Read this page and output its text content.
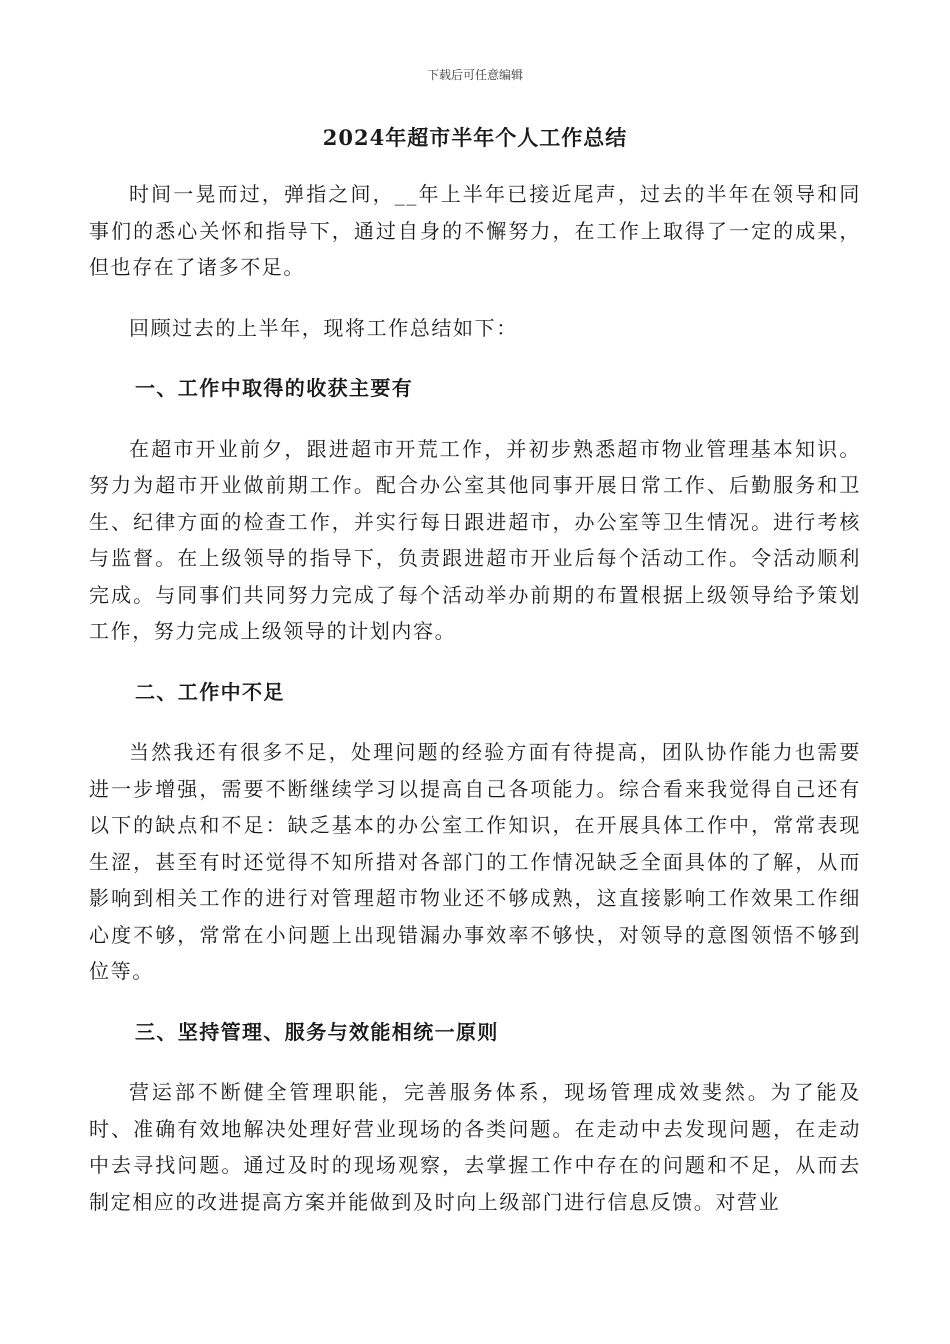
下载后可任意编辑
2024年超市半年个人工作总结

时间一晃而过，弹指之间，__年上半年已接近尾声，过去的半年在领导和同事们的悉心关怀和指导下，通过自身的不懈努力，在工作上取得了一定的成果，但也存在了诸多不足。

回顾过去的上半年，现将工作总结如下：

一、工作中取得的收获主要有

在超市开业前夕，跟进超市开荒工作，并初步熟悉超市物业管理基本知识。努力为超市开业做前期工作。配合办公室其他同事开展日常工作、后勤服务和卫生、纪律方面的检查工作，并实行每日跟进超市，办公室等卫生情况。进行考核与监督。在上级领导的指导下，负责跟进超市开业后每个活动工作。令活动顺利完成。与同事们共同努力完成了每个活动举办前期的布置根据上级领导给予策划工作，努力完成上级领导的计划内容。

二、工作中不足

当然我还有很多不足，处理问题的经验方面有待提高，团队协作能力也需要进一步增强，需要不断继续学习以提高自己各项能力。综合看来我觉得自己还有以下的缺点和不足：缺乏基本的办公室工作知识，在开展具体工作中，常常表现生涩，甚至有时还觉得不知所措对各部门的工作情况缺乏全面具体的了解，从而影响到相关工作的进行对管理超市物业还不够成熟，这直接影响工作效果工作细心度不够，常常在小问题上出现错漏办事效率不够快，对领导的意图领悟不够到位等。

三、坚持管理、服务与效能相统一原则

营运部不断健全管理职能，完善服务体系，现场管理成效斐然。为了能及时、准确有效地解决处理好营业现场的各类问题。在走动中去发现问题，在走动中去寻找问题。通过及时的现场观察，去掌握工作中存在的问题和不足，从而去制定相应的改进提高方案并能做到及时向上级部门进行信息反馈。对营业
